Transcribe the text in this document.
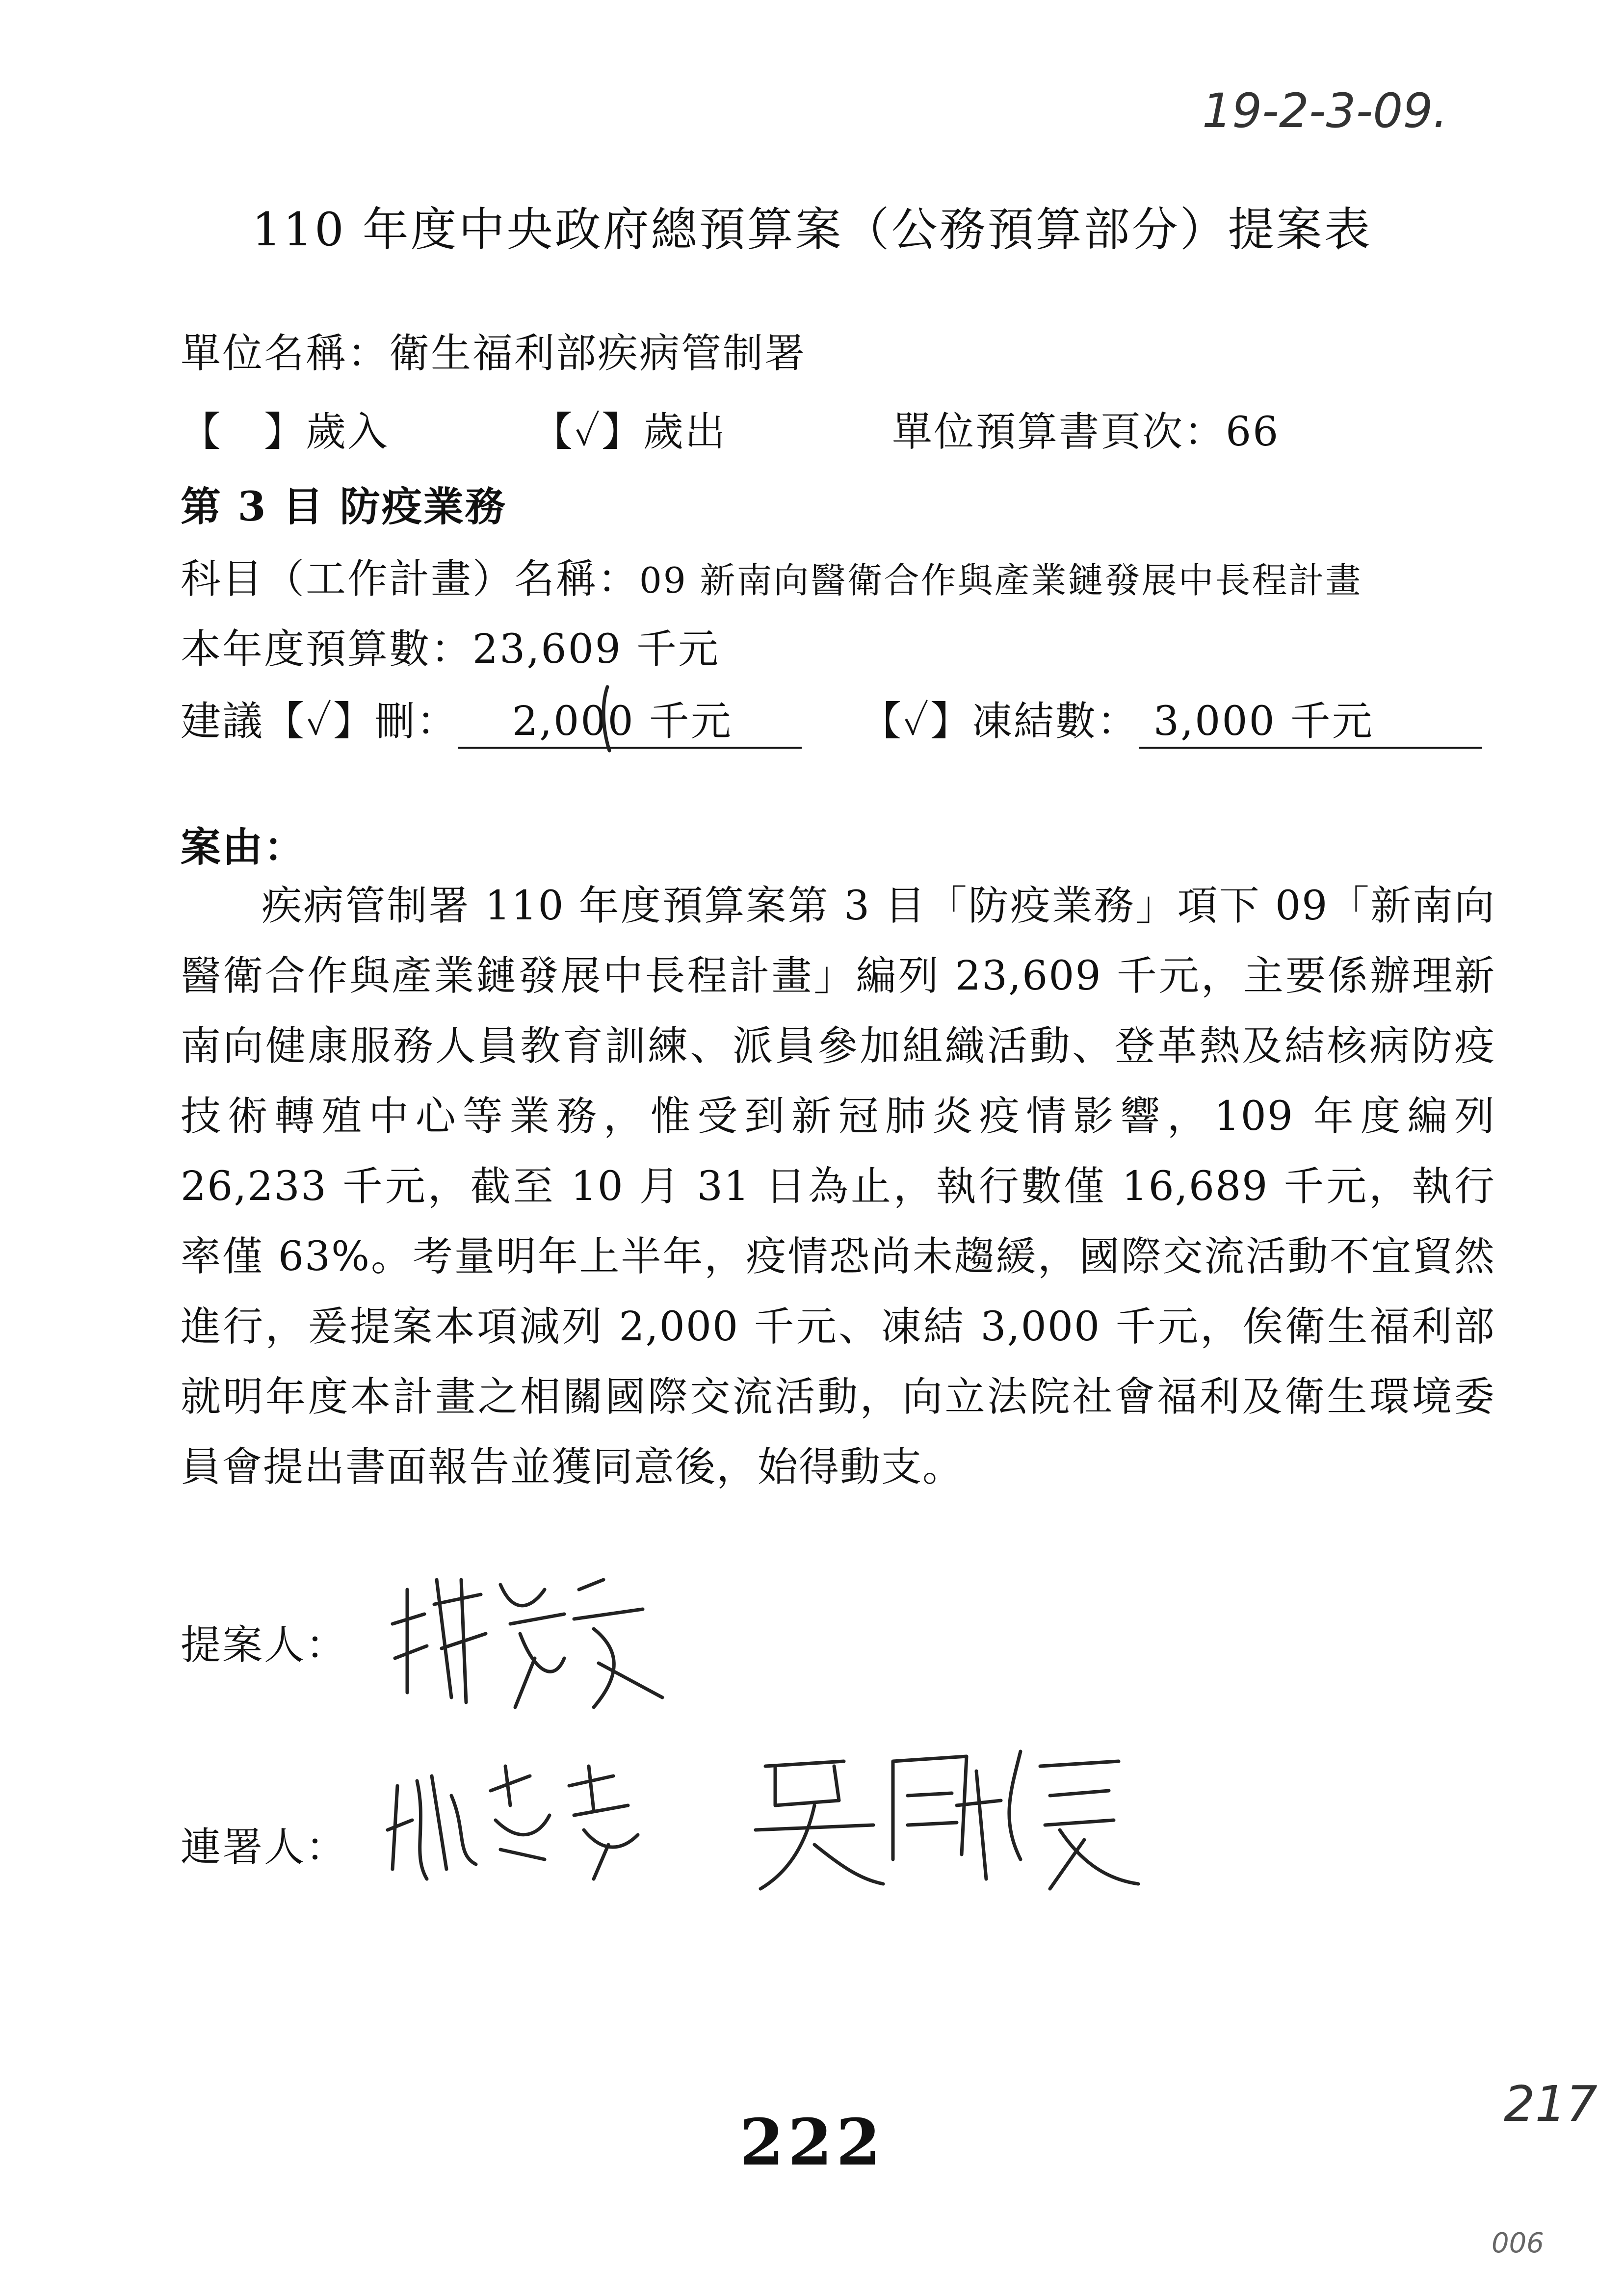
19-2-3-09.
110 年度中央政府總預算案（公務預算部分）提案表
單位名稱：衛生福利部疾病管制署
【　】歲入	【✓】歲出	單位預算書頁次：66
第 3 目 防疫業務
科目（工作計畫）名稱：09 新南向醫衛合作與產業鏈發展中長程計畫
本年度預算數：23,609 千元
建議【✓】刪： 2,000 千元	【✓】凍結數： 3,000 千元
案由：
疾病管制署 110 年度預算案第 3 目「防疫業務」項下 09「新南向醫衛合作與產業鏈發展中長程計畫」編列 23,609 千元，主要係辦理新南向健康服務人員教育訓練、派員參加組織活動、登革熱及結核病防疫技術轉殖中心等業務，惟受到新冠肺炎疫情影響，109 年度編列 26,233 千元，截至 10 月 31 日為止，執行數僅 16,689 千元，執行率僅 63%。考量明年上半年，疫情恐尚未趨緩，國際交流活動不宜貿然進行，爰提案本項減列 2,000 千元、凍結 3,000 千元，俟衛生福利部就明年度本計畫之相關國際交流活動，向立法院社會福利及衛生環境委員會提出書面報告並獲同意後，始得動支。
提案人：
連署人：
222
217
006
